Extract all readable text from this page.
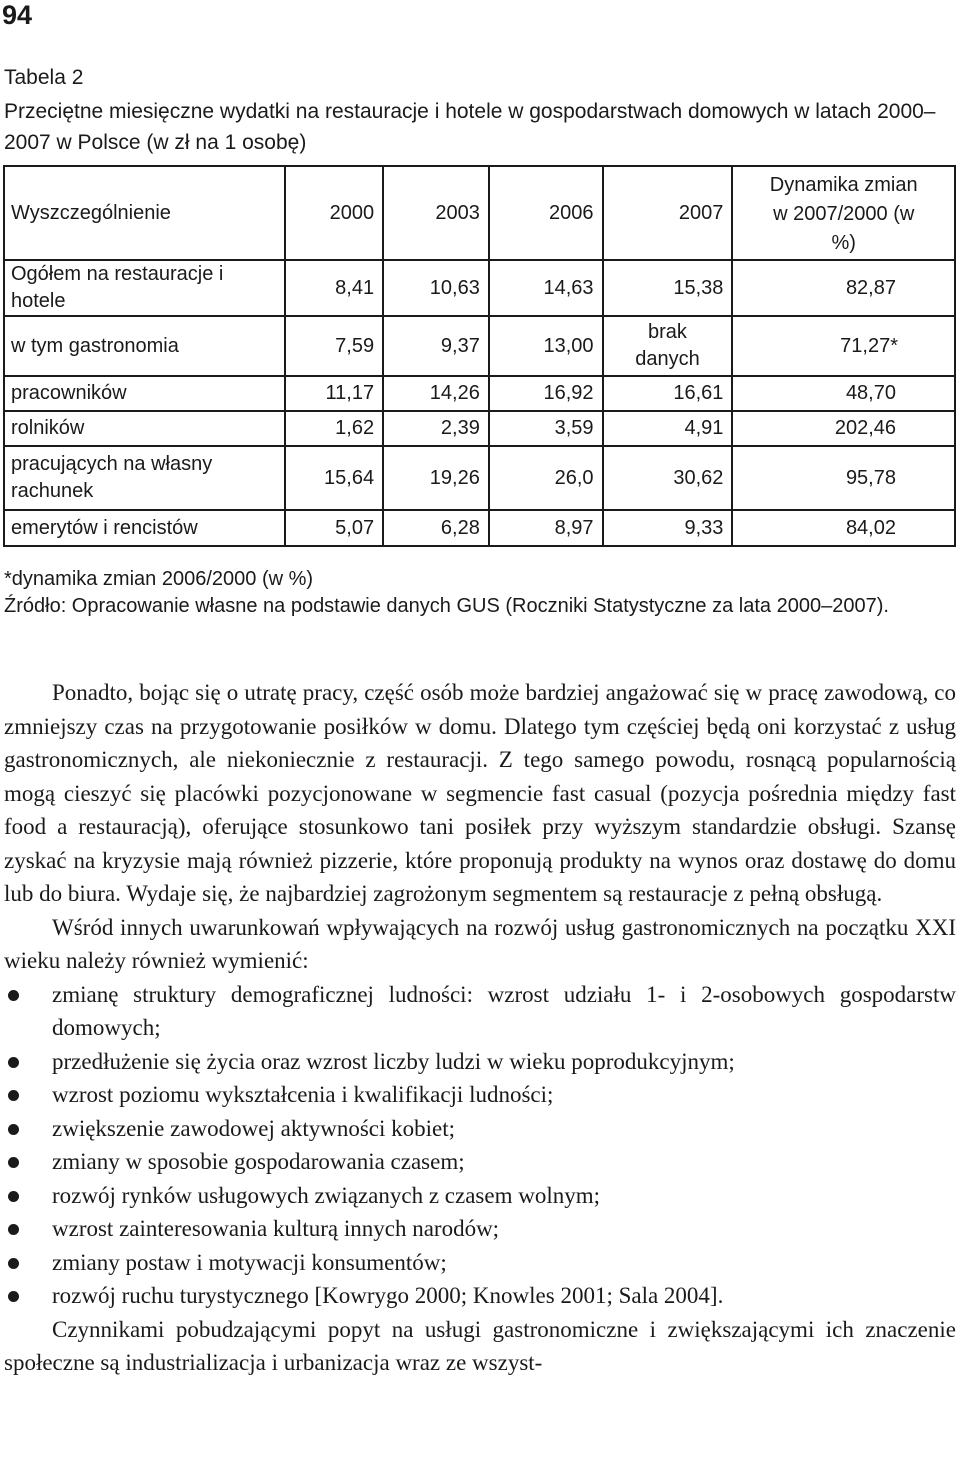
94
Tabela 2
Przeciętne miesięczne wydatki na restauracje i hotele w gospodarstwach domowych w latach 2000–2007 w Polsce (w zł na 1 osobę)
Wyszczególnienie	2000	2003	2006	2007	Dynamika zmian w 2007/2000 (w %)
Ogółem na restauracje i hotele	8,41	10,63	14,63	15,38	82,87
w tym gastronomia	7,59	9,37	13,00	brak danych	71,27*
pracowników	11,17	14,26	16,92	16,61	48,70
rolników	1,62	2,39	3,59	4,91	202,46
pracujących na własny rachunek	15,64	19,26	26,0	30,62	95,78
emerytów i rencistów	5,07	6,28	8,97	9,33	84,02
*dynamika zmian 2006/2000 (w %)
Źródło: Opracowanie własne na podstawie danych GUS (Roczniki Statystyczne za lata 2000–2007).

Ponadto, bojąc się o utratę pracy, część osób może bardziej angażować się w pracę zawodową, co zmniejszy czas na przygotowanie posiłków w domu. Dlatego tym częściej będą oni korzystać z usług gastronomicznych, ale niekoniecznie z restauracji. Z tego samego powodu, rosnącą popularnością mogą cieszyć się placówki pozycjonowane w segmencie fast casual (pozycja pośrednia między fast food a restauracją), oferujące stosunkowo tani posiłek przy wyższym standardzie obsługi. Szansę zyskać na kryzysie mają również pizzerie, które proponują produkty na wynos oraz dostawę do domu lub do biura. Wydaje się, że najbardziej zagrożonym segmentem są restauracje z pełną obsługą.

Wśród innych uwarunkowań wpływających na rozwój usług gastronomicznych na początku XXI wieku należy również wymienić:

zmianę struktury demograficznej ludności: wzrost udziału 1- i 2-osobowych gospodarstw domowych;
przedłużenie się życia oraz wzrost liczby ludzi w wieku poprodukcyjnym;
wzrost poziomu wykształcenia i kwalifikacji ludności;
zwiększenie zawodowej aktywności kobiet;
zmiany w sposobie gospodarowania czasem;
rozwój rynków usługowych związanych z czasem wolnym;
wzrost zainteresowania kulturą innych narodów;
zmiany postaw i motywacji konsumentów;
rozwój ruchu turystycznego [Kowrygo 2000; Knowles 2001; Sala 2004].

Czynnikami pobudzającymi popyt na usługi gastronomiczne i zwiększającymi ich znaczenie społeczne są industrializacja i urbanizacja wraz ze wszyst-
